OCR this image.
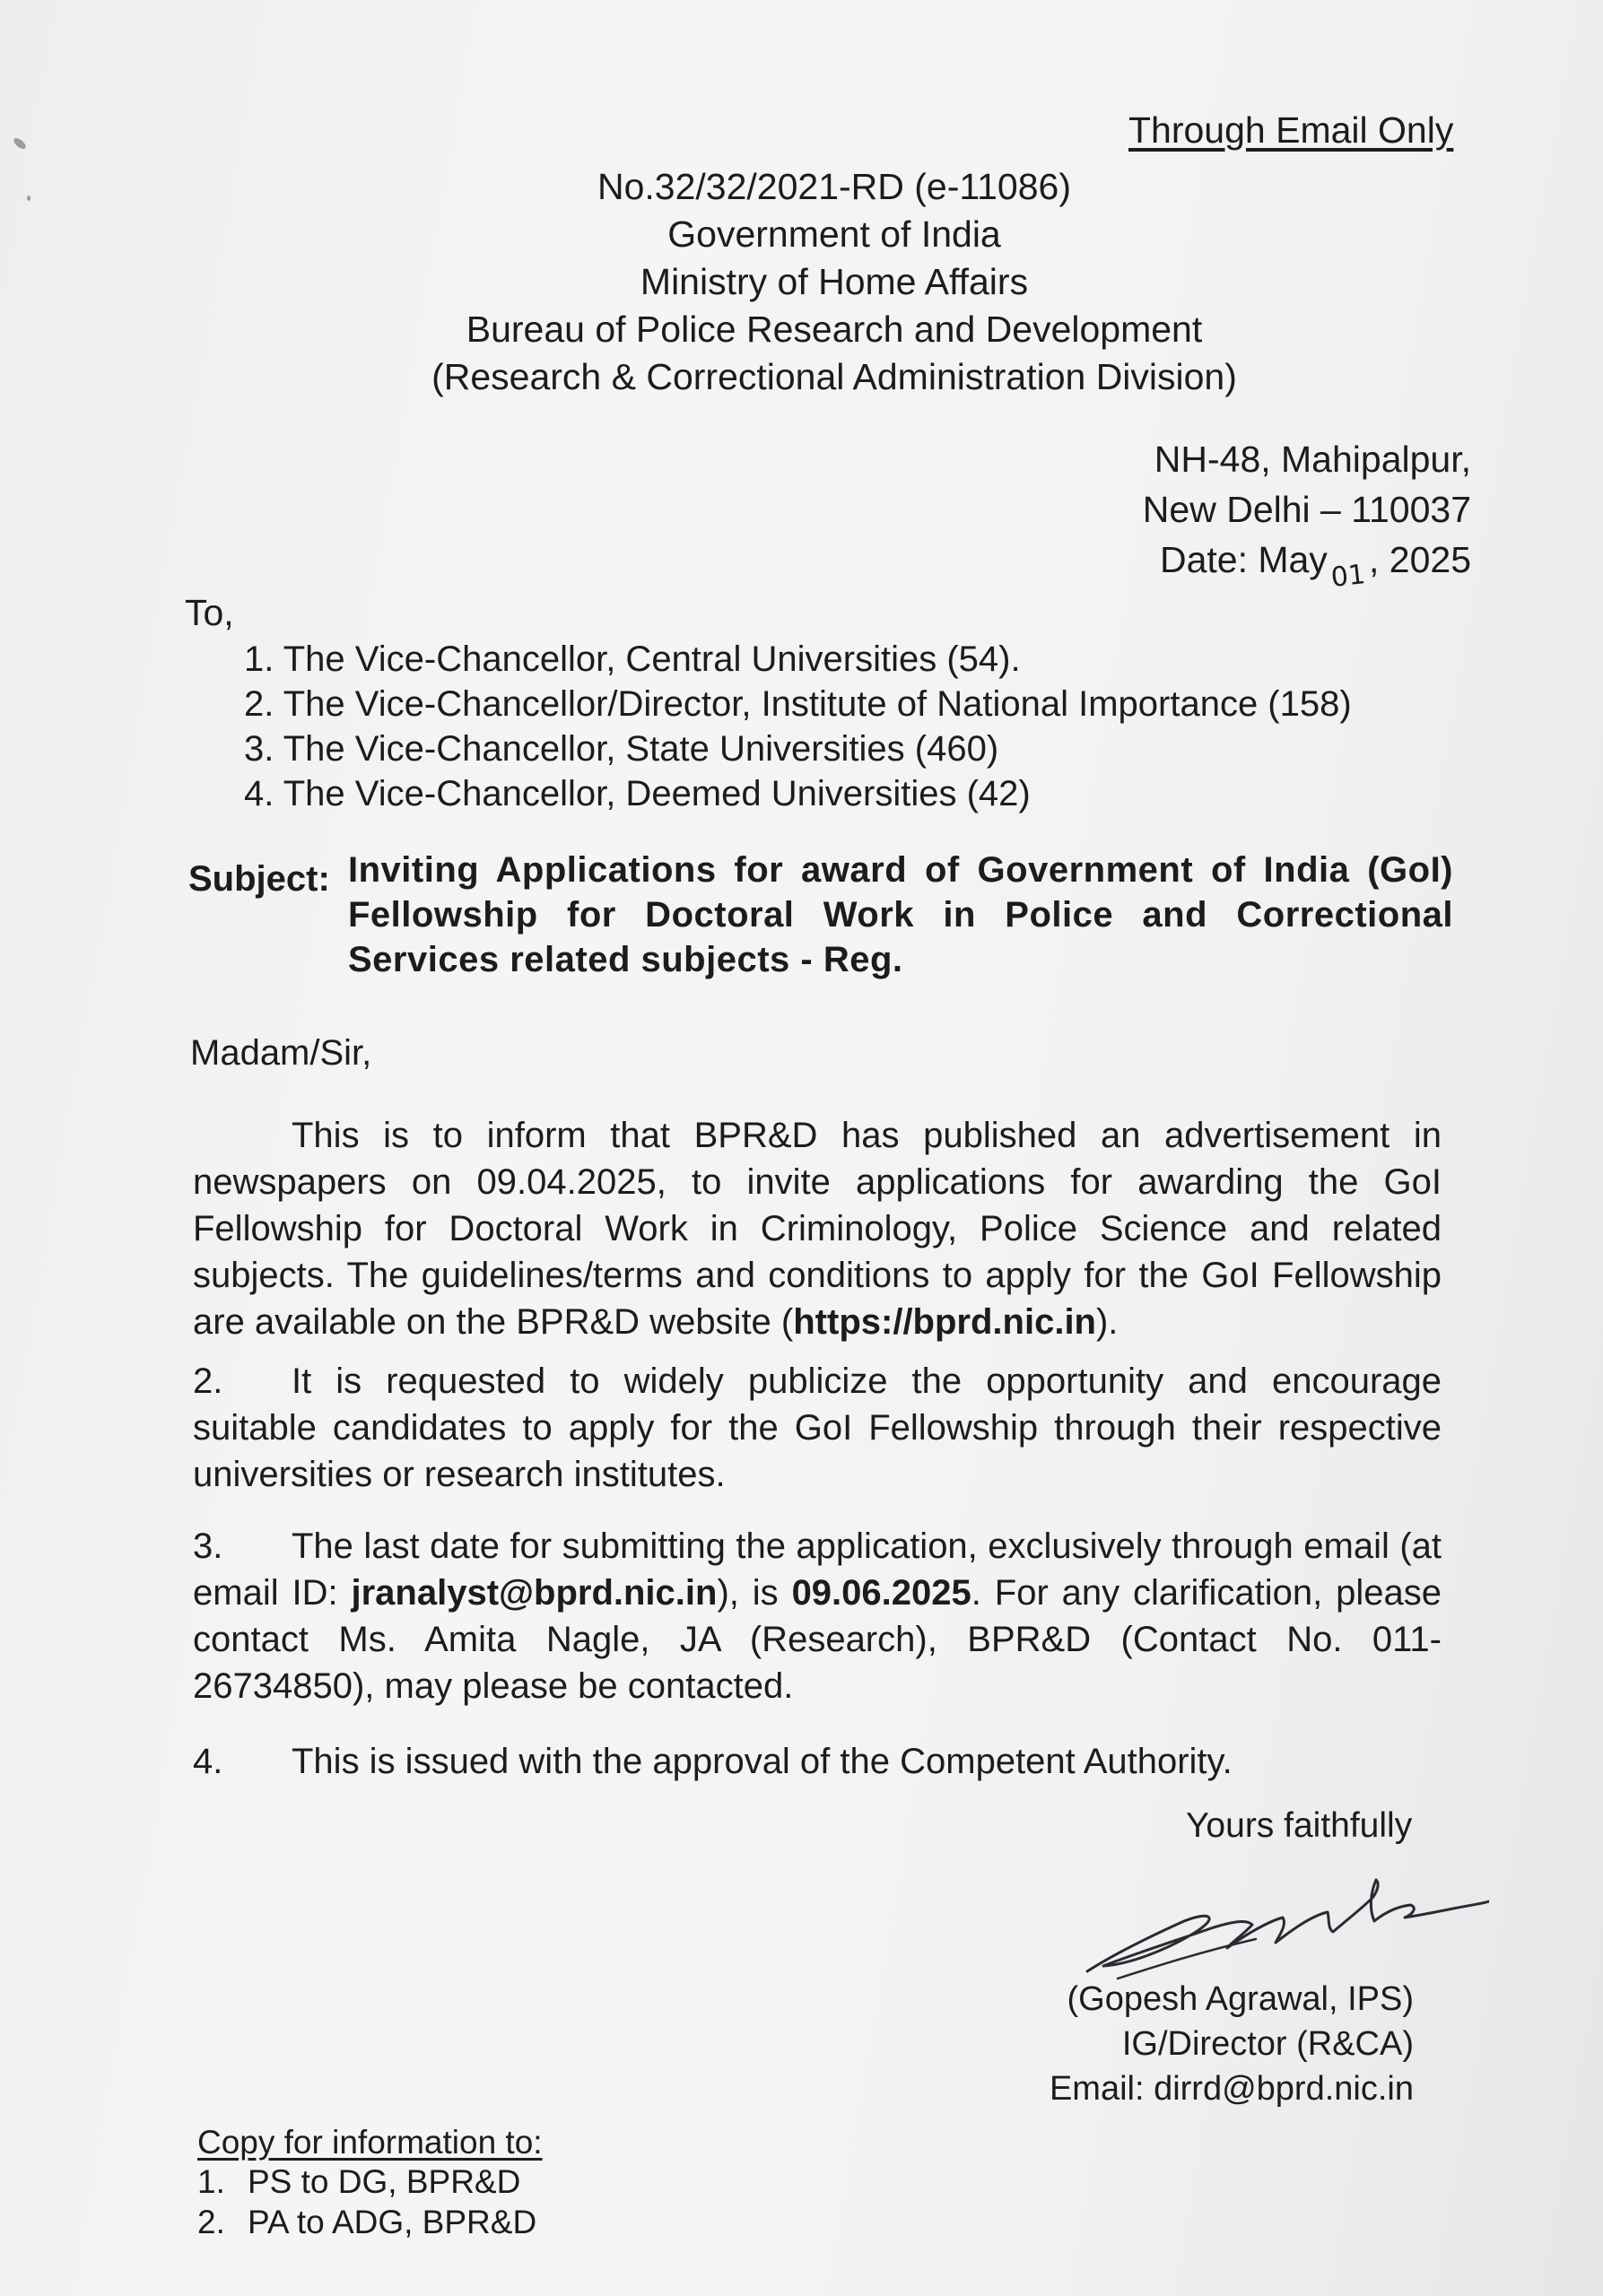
Through Email Only
No.32/32/2021-RD (e-11086)
Government of India
Ministry of Home Affairs
Bureau of Police Research and Development
(Research & Correctional Administration Division)
NH-48, Mahipalpur,
New Delhi – 110037
Date: May01, 2025
To,
1. The Vice-Chancellor, Central Universities (54).
2. The Vice-Chancellor/Director, Institute of National Importance (158)
3. The Vice-Chancellor, State Universities (460)
4. The Vice-Chancellor, Deemed Universities (42)
Subject: Inviting Applications for award of Government of India (GoI) Fellowship for Doctoral Work in Police and Correctional Services related subjects - Reg.
Madam/Sir,
This is to inform that BPR&D has published an advertisement in newspapers on 09.04.2025, to invite applications for awarding the GoI Fellowship for Doctoral Work in Criminology, Police Science and related subjects. The guidelines/terms and conditions to apply for the GoI Fellowship are available on the BPR&D website (https://bprd.nic.in).
2. It is requested to widely publicize the opportunity and encourage suitable candidates to apply for the GoI Fellowship through their respective universities or research institutes.
3. The last date for submitting the application, exclusively through email (at email ID: jranalyst@bprd.nic.in), is 09.06.2025. For any clarification, please contact Ms. Amita Nagle, JA (Research), BPR&D (Contact No. 011-26734850), may please be contacted.
4. This is issued with the approval of the Competent Authority.
Yours faithfully
(Gopesh Agrawal, IPS)
IG/Director (R&CA)
Email: dirrd@bprd.nic.in
Copy for information to:
1. PS to DG, BPR&D
2. PA to ADG, BPR&D
